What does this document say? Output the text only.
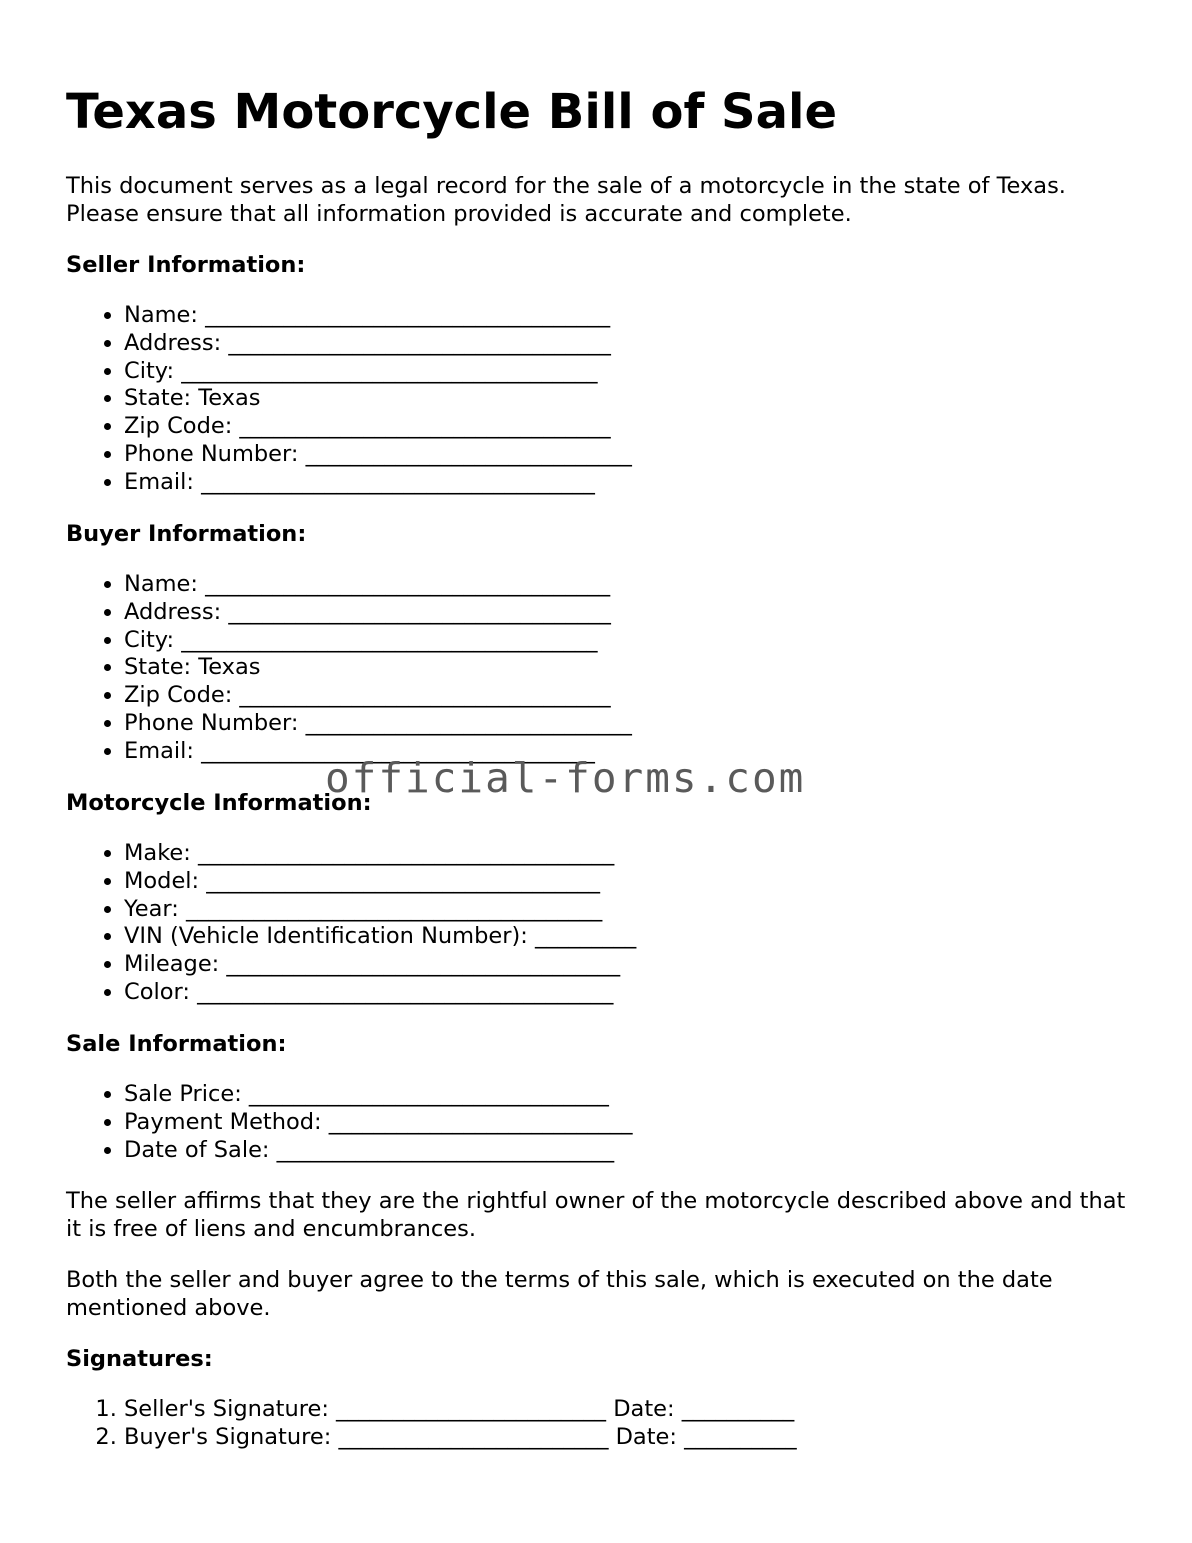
Texas Motorcycle Bill of Sale

This document serves as a legal record for the sale of a motorcycle in the state of Texas. Please ensure that all information provided is accurate and complete.

Seller Information:

• Name: ____________________________________
• Address: __________________________________
• City: _____________________________________
• State: Texas
• Zip Code: _________________________________
• Phone Number: _____________________________
• Email: ___________________________________

Buyer Information:

• Name: ____________________________________
• Address: __________________________________
• City: _____________________________________
• State: Texas
• Zip Code: _________________________________
• Phone Number: _____________________________
• Email: ___________________________________

Motorcycle Information:

• Make: _____________________________________
• Model: ___________________________________
• Year: _____________________________________
• VIN (Vehicle Identification Number): _________
• Mileage: ___________________________________
• Color: _____________________________________

Sale Information:

• Sale Price: ________________________________
• Payment Method: ___________________________
• Date of Sale: ______________________________

The seller affirms that they are the rightful owner of the motorcycle described above and that it is free of liens and encumbrances.

Both the seller and buyer agree to the terms of this sale, which is executed on the date mentioned above.

Signatures:

1. Seller's Signature: ________________________ Date: __________
2. Buyer's Signature: ________________________ Date: __________
official-forms.com
